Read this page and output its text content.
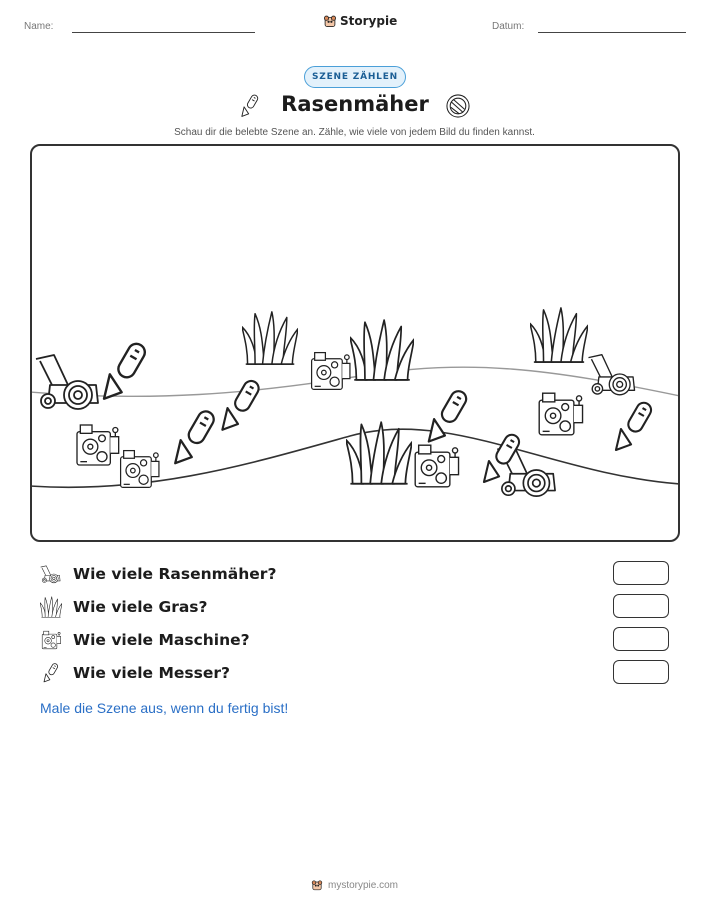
Name:	Storypie	Datum:
SZENE ZÄHLEN
Rasenmäher
Schau dir die belebte Szene an. Zähle, wie viele von jedem Bild du finden kannst.
Wie viele Rasenmäher?
Wie viele Gras?
Wie viele Maschine?
Wie viele Messer?
Male die Szene aus, wenn du fertig bist!
mystorypie.com
